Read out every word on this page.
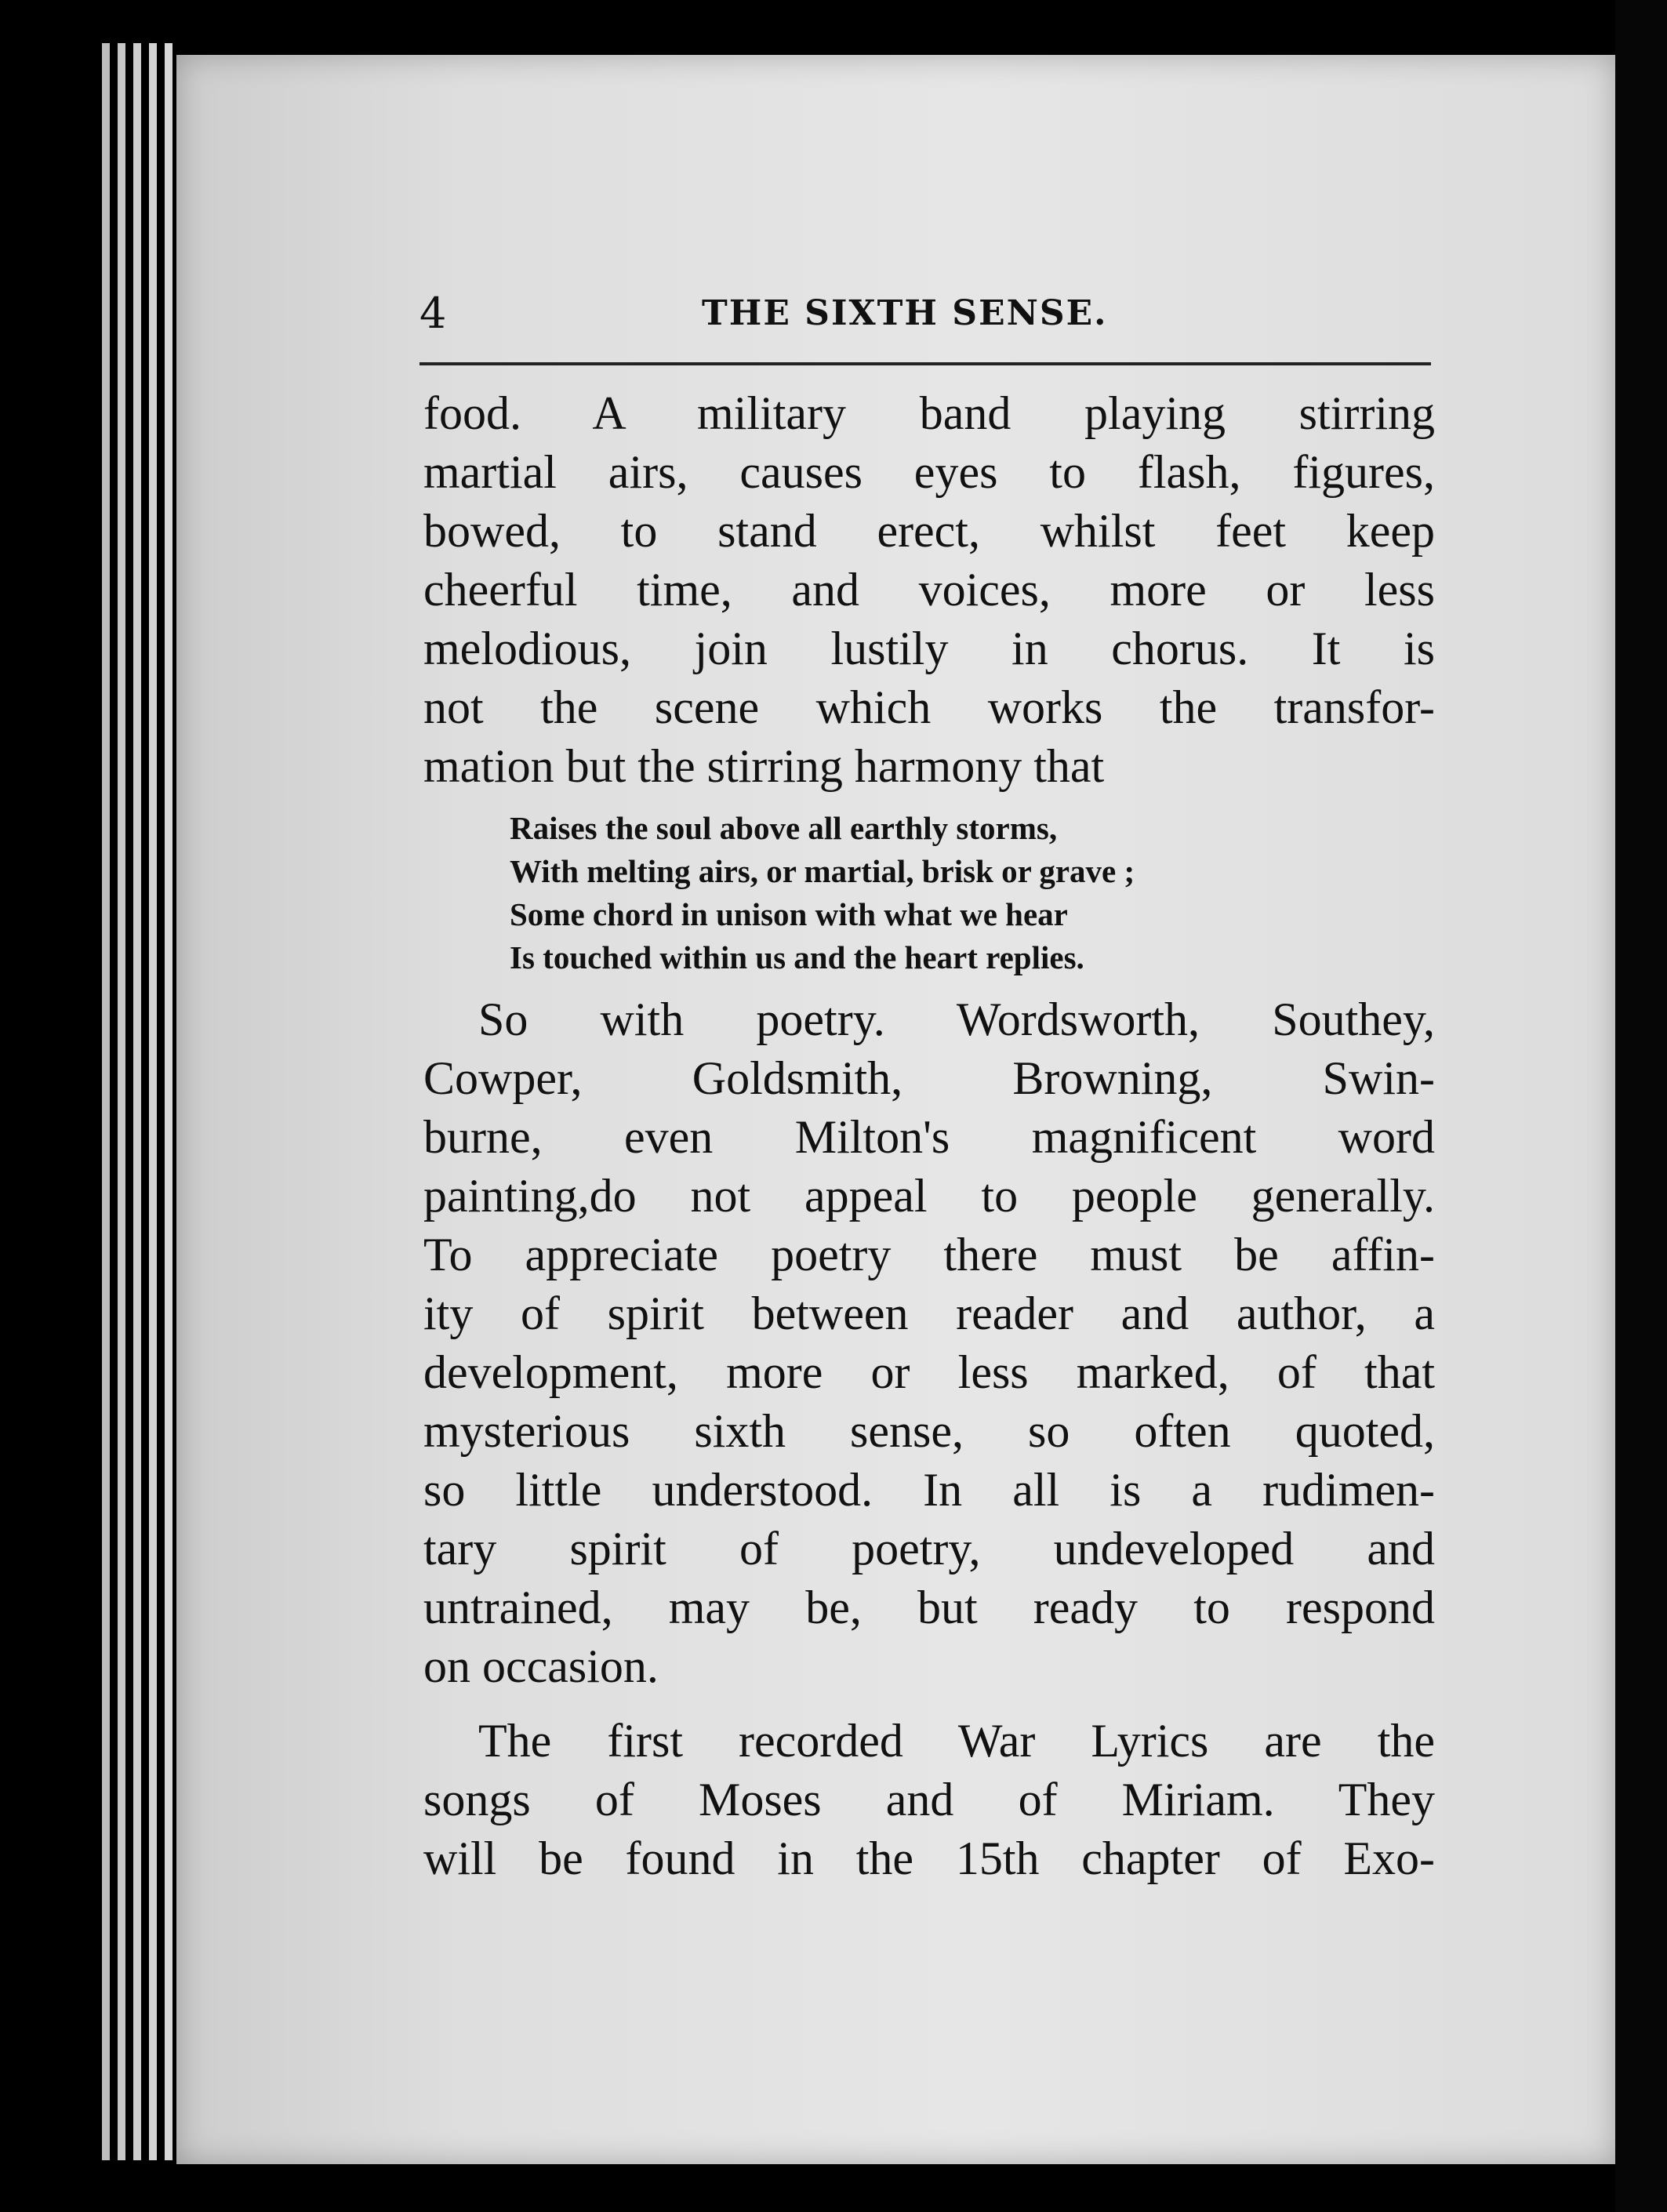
4	THE SIXTH SENSE.
food. A military band playing stirring
martial airs, causes eyes to flash, figures,
bowed, to stand erect, whilst feet keep
cheerful time, and voices, more or less
melodious, join lustily in chorus. It is
not the scene which works the transfor-
mation but the stirring harmony that
Raises the soul above all earthly storms,
With melting airs, or martial, brisk or grave ;
Some chord in unison with what we hear
Is touched within us and the heart replies.
So with poetry. Wordsworth, Southey,
Cowper, Goldsmith, Browning, Swin-
burne, even Milton's magnificent word
painting,do not appeal to people generally.
To appreciate poetry there must be affin-
ity of spirit between reader and author, a
development, more or less marked, of that
mysterious sixth sense, so often quoted,
so little understood. In all is a rudimen-
tary spirit of poetry, undeveloped and
untrained, may be, but ready to respond
on occasion.
The first recorded War Lyrics are the
songs of Moses and of Miriam. They
will be found in the 15th chapter of Exo-
